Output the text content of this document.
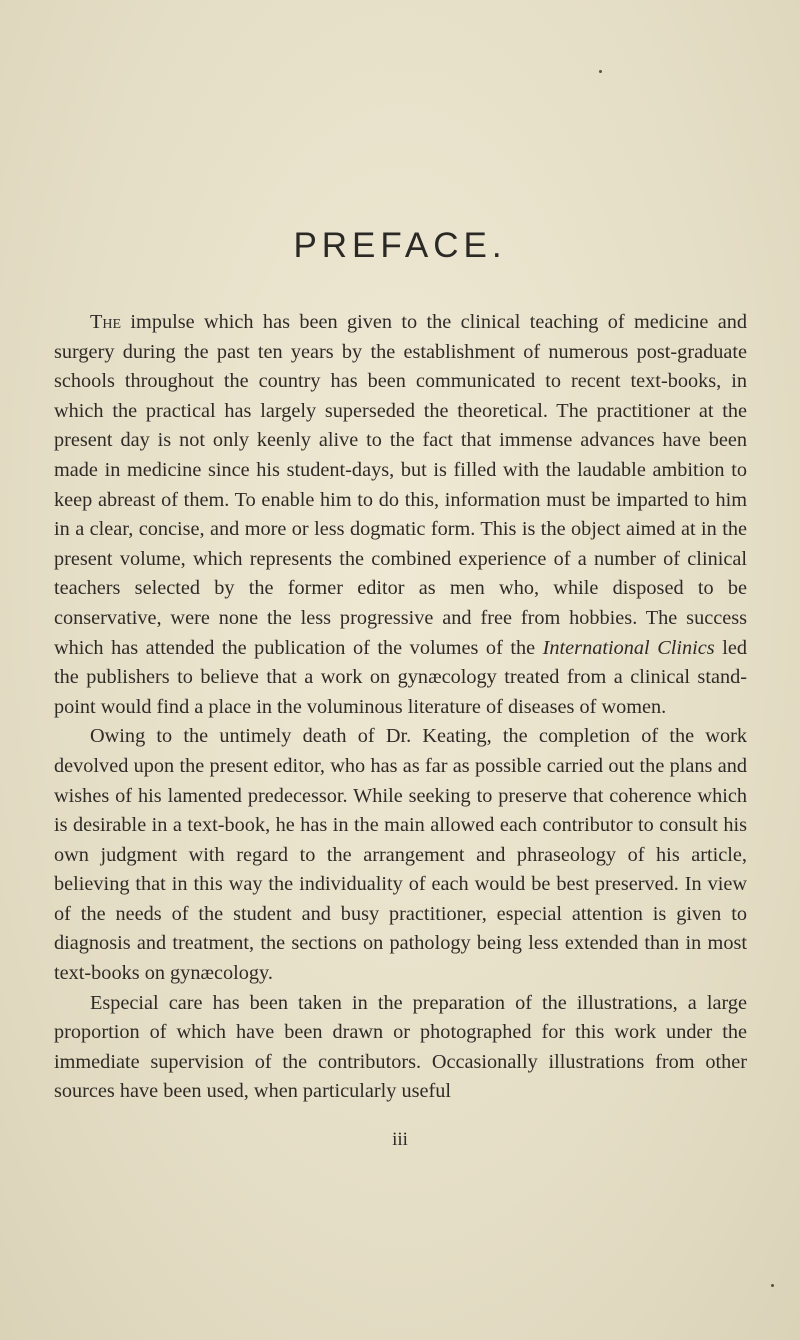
PREFACE.

The impulse which has been given to the clinical teaching of medicine and surgery during the past ten years by the establishment of numerous post-graduate schools throughout the country has been communicated to recent text-books, in which the practical has largely superseded the theoretical. The practitioner at the present day is not only keenly alive to the fact that immense advances have been made in medicine since his student-days, but is filled with the laudable ambition to keep abreast of them. To enable him to do this, information must be imparted to him in a clear, concise, and more or less dogmatic form. This is the object aimed at in the present volume, which represents the combined experience of a number of clinical teachers selected by the former editor as men who, while disposed to be conservative, were none the less progressive and free from hobbies. The success which has attended the publication of the volumes of the International Clinics led the publishers to believe that a work on gynæcology treated from a clinical stand-point would find a place in the voluminous literature of diseases of women.

Owing to the untimely death of Dr. Keating, the completion of the work devolved upon the present editor, who has as far as possible carried out the plans and wishes of his lamented predecessor. While seeking to preserve that coherence which is desirable in a text-book, he has in the main allowed each contributor to consult his own judgment with regard to the arrangement and phraseology of his article, believing that in this way the individuality of each would be best preserved. In view of the needs of the student and busy practitioner, especial attention is given to diagnosis and treatment, the sections on pathology being less extended than in most text-books on gynæcology.

Especial care has been taken in the preparation of the illustrations, a large proportion of which have been drawn or photographed for this work under the immediate supervision of the contributors. Occasionally illustrations from other sources have been used, when particularly useful

iii
